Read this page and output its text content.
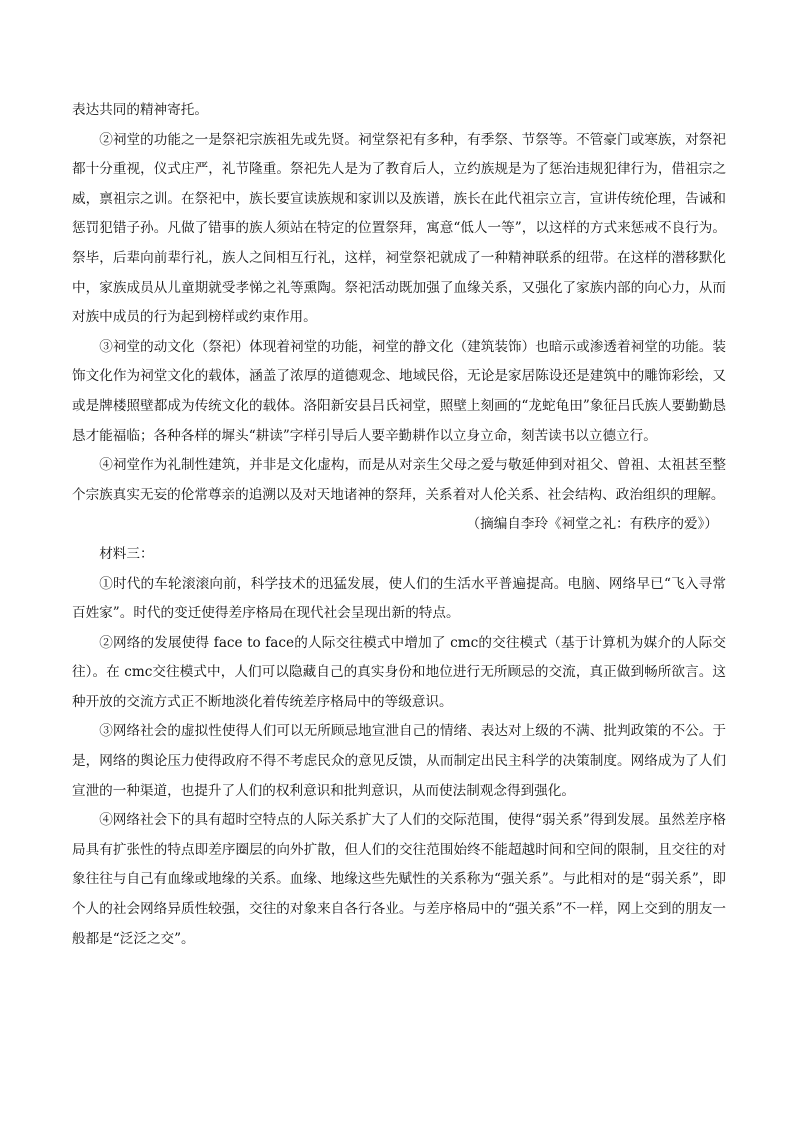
表达共同的精神寄托。

②祠堂的功能之一是祭祀宗族祖先或先贤。祠堂祭祀有多种，有季祭、节祭等。不管豪门或寒族，对祭祀都十分重视，仪式庄严，礼节隆重。祭祀先人是为了教育后人，立约族规是为了惩治违规犯律行为，借祖宗之威，禀祖宗之训。在祭祀中，族长要宣读族规和家训以及族谱，族长在此代祖宗立言，宣讲传统伦理，告诫和惩罚犯错子孙。凡做了错事的族人须站在特定的位置祭拜，寓意“低人一等”，以这样的方式来惩戒不良行为。祭毕，后辈向前辈行礼，族人之间相互行礼，这样，祠堂祭祀就成了一种精神联系的纽带。在这样的潜移默化中，家族成员从儿童期就受孝悌之礼等熏陶。祭祀活动既加强了血缘关系，又强化了家族内部的向心力，从而对族中成员的行为起到榜样或约束作用。

③祠堂的动文化（祭祀）体现着祠堂的功能，祠堂的静文化（建筑装饰）也暗示或渗透着祠堂的功能。装饰文化作为祠堂文化的载体，涵盖了浓厚的道德观念、地域民俗，无论是家居陈设还是建筑中的雕饰彩绘，又或是牌楼照壁都成为传统文化的载体。洛阳新安县吕氏祠堂，照壁上刻画的“龙蛇龟田”象征吕氏族人要勤勤恳恳才能福临；各种各样的墀头“耕读”字样引导后人要辛勤耕作以立身立命，刻苦读书以立德立行。

④祠堂作为礼制性建筑，并非是文化虚构，而是从对亲生父母之爱与敬延伸到对祖父、曾祖、太祖甚至整个宗族真实无妄的伦常尊亲的追溯以及对天地诸神的祭拜，关系着对人伦关系、社会结构、政治组织的理解。

（摘编自李玲《祠堂之礼：有秩序的爱》）

材料三：

①时代的车轮滚滚向前，科学技术的迅猛发展，使人们的生活水平普遍提高。电脑、网络早已“飞入寻常百姓家”。时代的变迁使得差序格局在现代社会呈现出新的特点。

②网络的发展使得 face to face的人际交往模式中增加了 cmc的交往模式（基于计算机为媒介的人际交往）。在 cmc交往模式中，人们可以隐藏自己的真实身份和地位进行无所顾忌的交流，真正做到畅所欲言。这种开放的交流方式正不断地淡化着传统差序格局中的等级意识。

③网络社会的虚拟性使得人们可以无所顾忌地宣泄自己的情绪、表达对上级的不满、批判政策的不公。于是，网络的舆论压力使得政府不得不考虑民众的意见反馈，从而制定出民主科学的决策制度。网络成为了人们宣泄的一种渠道，也提升了人们的权利意识和批判意识，从而使法制观念得到强化。

④网络社会下的具有超时空特点的人际关系扩大了人们的交际范围，使得“弱关系”得到发展。虽然差序格局具有扩张性的特点即差序圈层的向外扩散，但人们的交往范围始终不能超越时间和空间的限制，且交往的对象往往与自己有血缘或地缘的关系。血缘、地缘这些先赋性的关系称为“强关系”。与此相对的是“弱关系”，即个人的社会网络异质性较强，交往的对象来自各行各业。与差序格局中的“强关系”不一样，网上交到的朋友一般都是“泛泛之交”。
